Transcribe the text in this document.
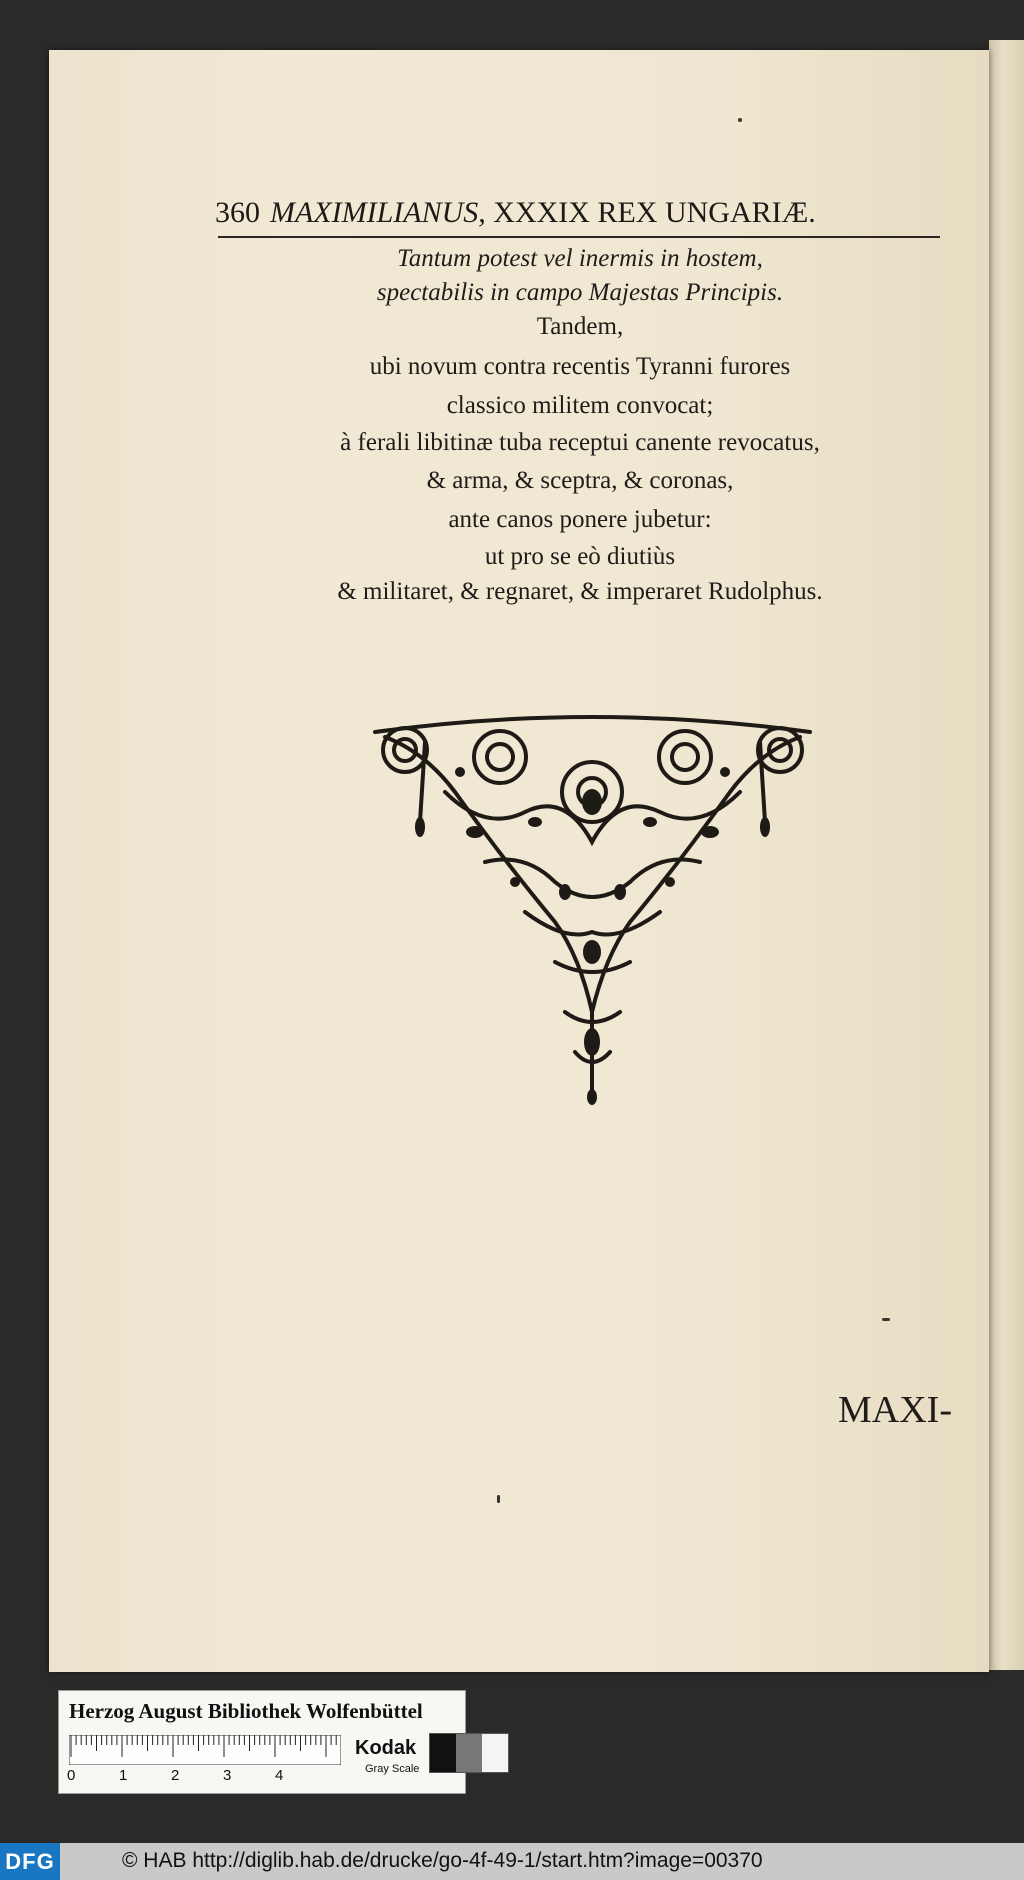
360 MAXIMILIANUS, XXXIX REX UNGARIÆ.
Tantum potest vel inermis in hostem,
spectabilis in campo Majestas Principis.
Tandem,
ubi novum contra recentis Tyranni furores
classico militem convocat;
à ferali libitinæ tuba receptui canente revocatus,
& arma, & sceptra, & coronas,
ante canos ponere jubetur:
ut pro se eò diutiùs
& militaret, & regnaret, & imperaret Rudolphus.
MAXI-
Herzog August Bibliothek Wolfenbüttel
0	1	2	3	4
Kodak
Gray Scale
DFG	© HAB http://diglib.hab.de/drucke/go-4f-49-1/start.htm?image=00370
